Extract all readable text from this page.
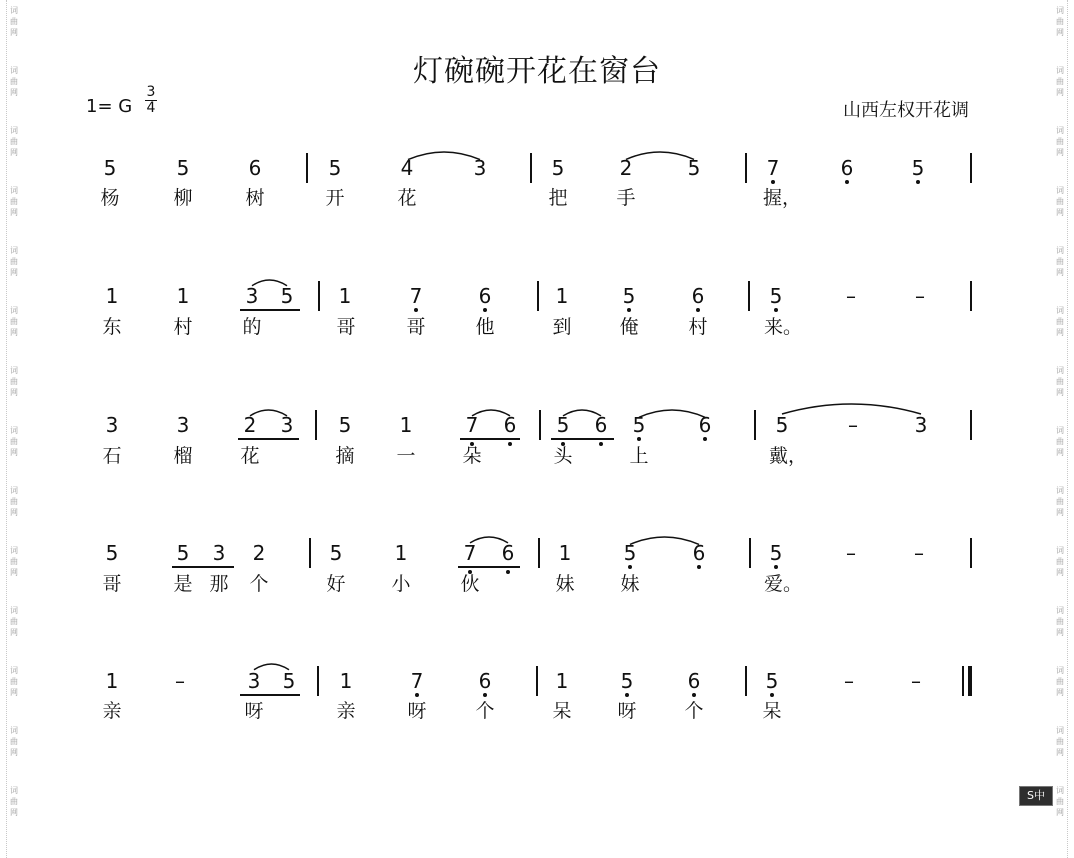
词
曲
网
词
曲
网
词
曲
网
词
曲
网
词
曲
网
词
曲
网
词
曲
网
词
曲
网
词
曲
网
词
曲
网
词
曲
网
词
曲
网
词
曲
网
词
曲
网
词
曲
网
词
曲
网
词
曲
网
词
曲
网
词
曲
网
词
曲
网
词
曲
网
词
曲
网
词
曲
网
词
曲
网
词
曲
网
词
曲
网
词
曲
网
词
曲
网
灯碗碗开花在窗台
1= G
3
4	山西左权开花调
5	5	6	5	4	3	5	2	5	7	6	5
杨	柳	树	开	花	把	手	握，
1	1	3	5	1	7	6	1	5	6	5	–	–
东	村	的	哥	哥	他	到	俺	村	来。
3	3	2	3	5	1	7	6	5	6	5	6	5	–	3
石	榴	花	摘 一 朵	头	上	戴，
5	5	3	2	5	1	7	6	1	5	6	5	–	–
哥	是 那 个	好 小	伙	妹 妹	爱。
1	–	3	5	1	7	6	1	5	6	5	–	–
亲	呀	亲	呀	个	呆 呀	个	呆
S中
